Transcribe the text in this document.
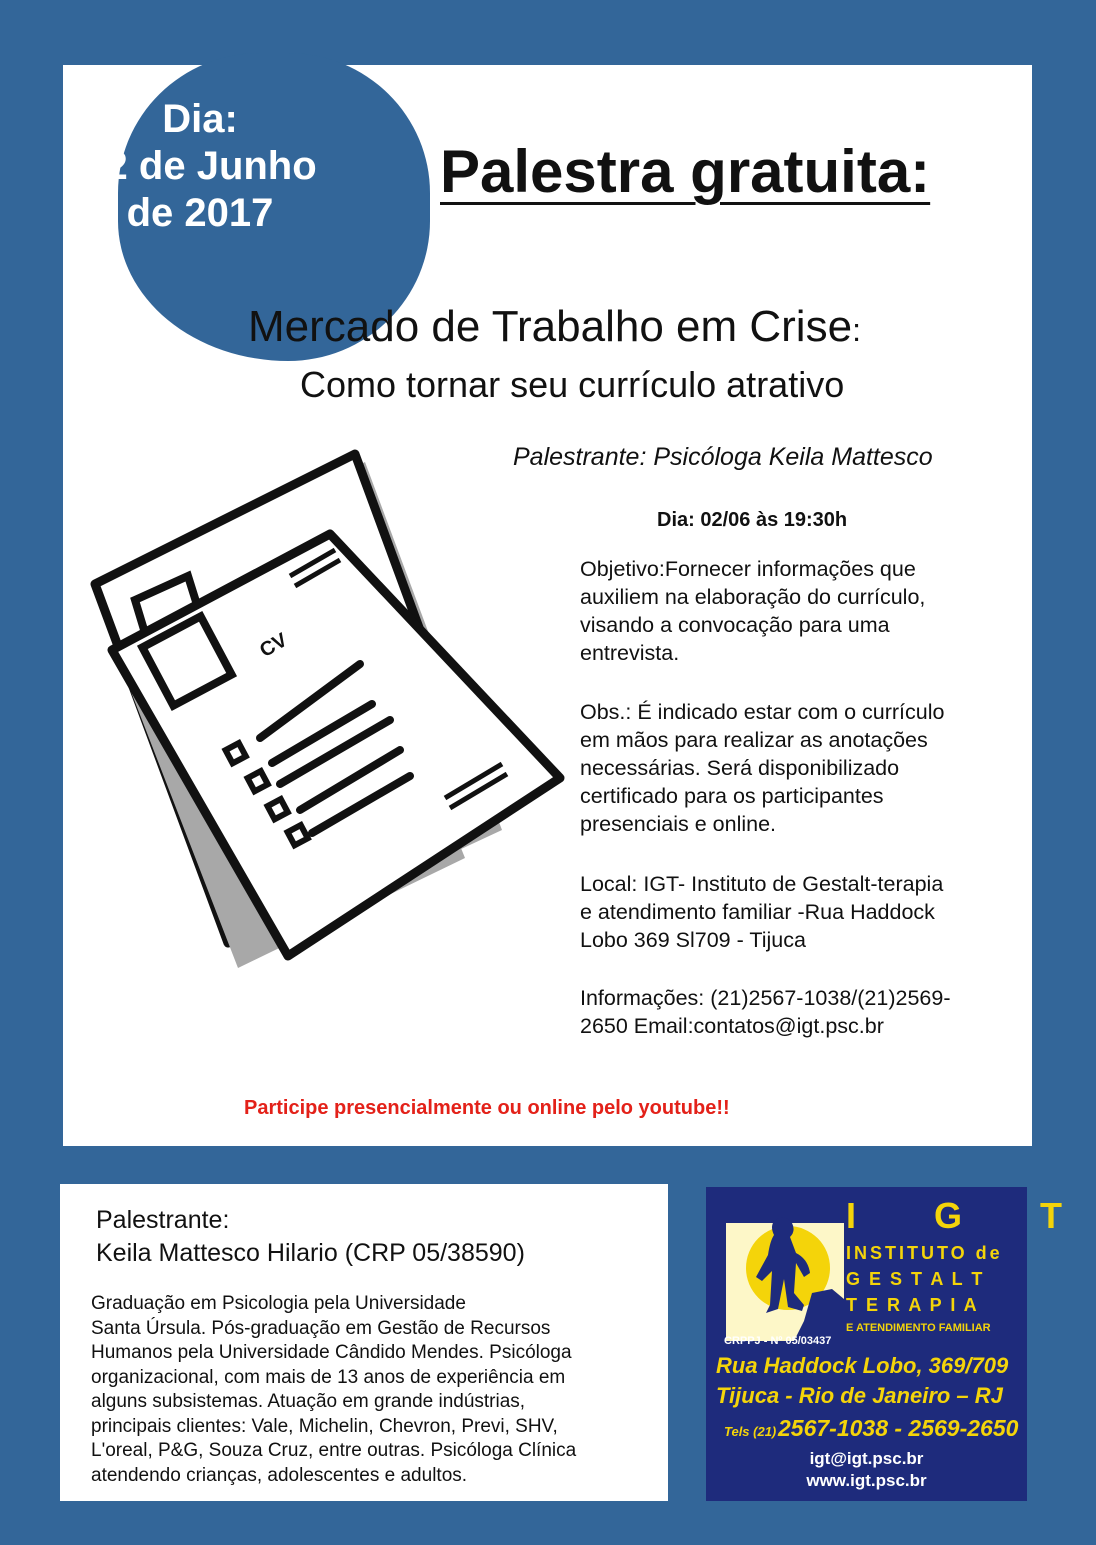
Dia:
02 de Junho
de 2017
Palestra gratuita:
Mercado de Trabalho em Crise:
Como tornar seu currículo atrativo
Palestrante: Psicóloga Keila Mattesco
Dia: 02/06 às 19:30h
Objetivo:Fornecer informações que
auxiliem na elaboração do currículo,
visando a convocação para uma
entrevista.
Obs.: É indicado estar com o currículo
em mãos para realizar as anotações
necessárias. Será disponibilizado
certificado para os participantes
presenciais e online.
Local: IGT- Instituto de Gestalt-terapia
e atendimento familiar -Rua Haddock
Lobo 369 Sl709 - Tijuca
Informações: (21)2567-1038/(21)2569-
2650 Email:contatos@igt.psc.br
Participe presencialmente ou online pelo youtube!!
CV
Palestrante:
Keila Mattesco Hilario (CRP 05/38590)
Graduação em Psicologia pela Universidade
Santa Úrsula. Pós-graduação em Gestão de Recursos
Humanos pela Universidade Cândido Mendes. Psicóloga
organizacional, com mais de 13 anos de experiência em
alguns subsistemas. Atuação em grande indústrias,
principais clientes: Vale, Michelin, Chevron, Previ, SHV,
L'oreal, P&G, Souza Cruz, entre outras. Psicóloga Clínica
atendendo crianças, adolescentes e adultos.
I G T
INSTITUTO de
G E S T A L T
T E R A P I A
E ATENDIMENTO FAMILIAR
CRPPJ - Nº 05/03437
Rua Haddock Lobo, 369/709
Tijuca - Rio de Janeiro – RJ
Tels (21) 2567-1038 - 2569-2650
igt@igt.psc.br
www.igt.psc.br
